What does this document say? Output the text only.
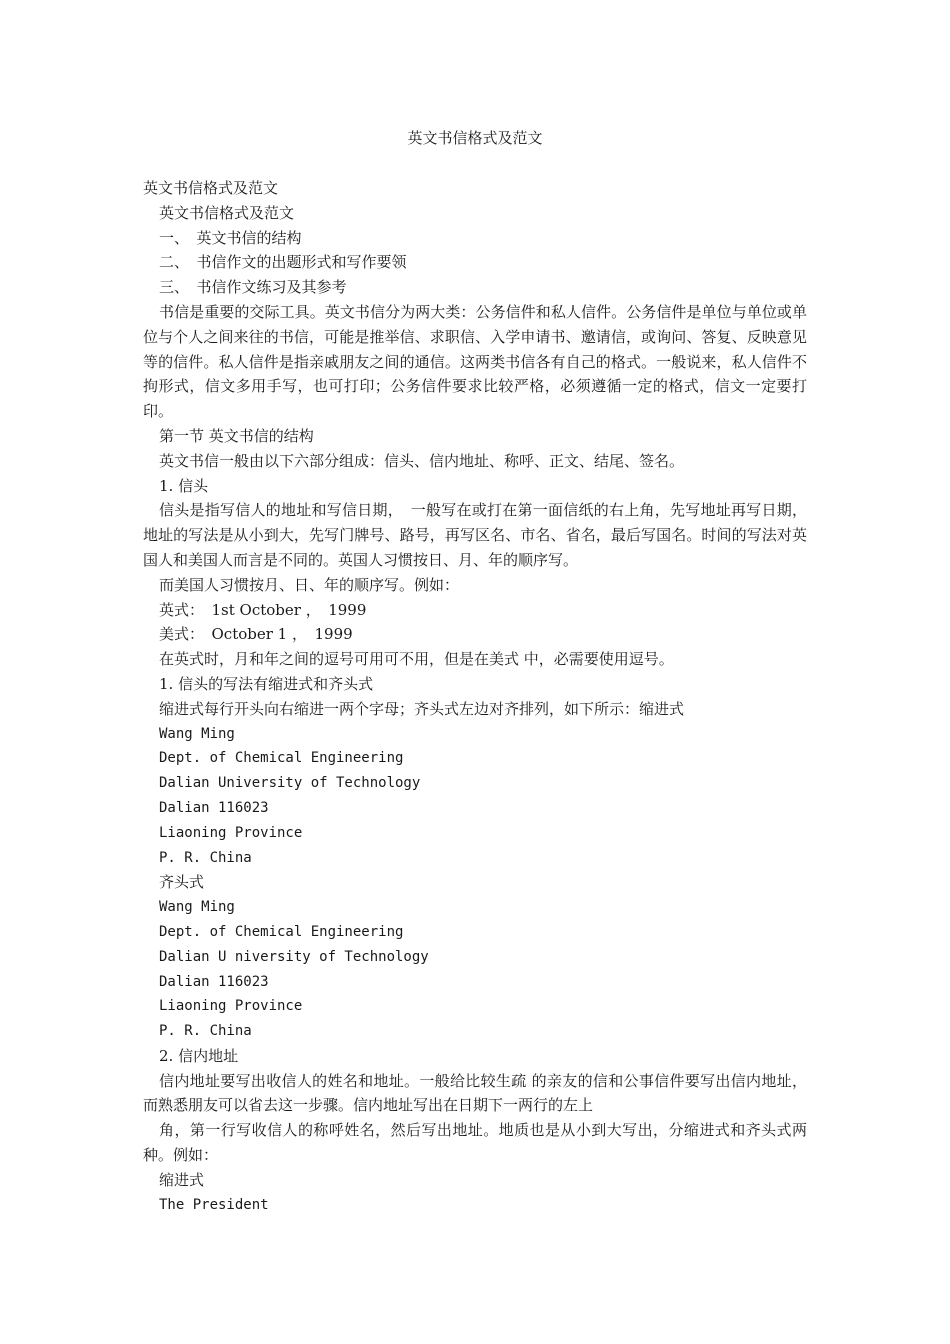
英文书信格式及范文

英文书信格式及范文

英文书信格式及范文

一、　英文书信的结构

二、　书信作文的出题形式和写作要领

三、　书信作文练习及其参考

书信是重要的交际工具。英文书信分为两大类：公务信件和私人信件。公务信件是单位与单位或单位与个人之间来往的书信，可能是推举信、求职信、入学申请书、邀请信，或询问、答复、反映意见等的信件。私人信件是指亲戚朋友之间的通信。这两类书信各有自己的格式。一般说来，私人信件不拘形式，信文多用手写，也可打印；公务信件要求比较严格，必须遵循一定的格式，信文一定要打印。

第一节 英文书信的结构

英文书信一般由以下六部分组成：信头、信内地址、称呼、正文、结尾、签名。

1. 信头

信头是指写信人的地址和写信日期，　一般写在或打在第一面信纸的右上角，先写地址再写日期，地址的写法是从小到大，先写门牌号、路号，再写区名、市名、省名，最后写国名。时间的写法对英国人和美国人而言是不同的。英国人习惯按日、月、年的顺序写。

而美国人习惯按月、日、年的顺序写。例如：

英式：　1st October ，　1999

美式：　October 1 ，　1999

在英式时，月和年之间的逗号可用可不用，但是在美式 中，必需要使用逗号。

1. 信头的写法有缩进式和齐头式

缩进式每行开头向右缩进一两个字母；齐头式左边对齐排列，如下所示：缩进式

Wang Ming

Dept. of Chemical Engineering

Dalian University of Technology

Dalian 116023

Liaoning Province

P. R. China

齐头式

Wang Ming

Dept. of Chemical Engineering

Dalian U niversity of Technology

Dalian 116023

Liaoning Province

P. R. China

2. 信内地址

信内地址要写出收信人的姓名和地址。一般给比较生疏 的亲友的信和公事信件要写出信内地址，而熟悉朋友可以省去这一步骤。信内地址写出在日期下一两行的左上

角，第一行写收信人的称呼姓名，然后写出地址。地质也是从小到大写出，分缩进式和齐头式两种。例如：

缩进式

The President
